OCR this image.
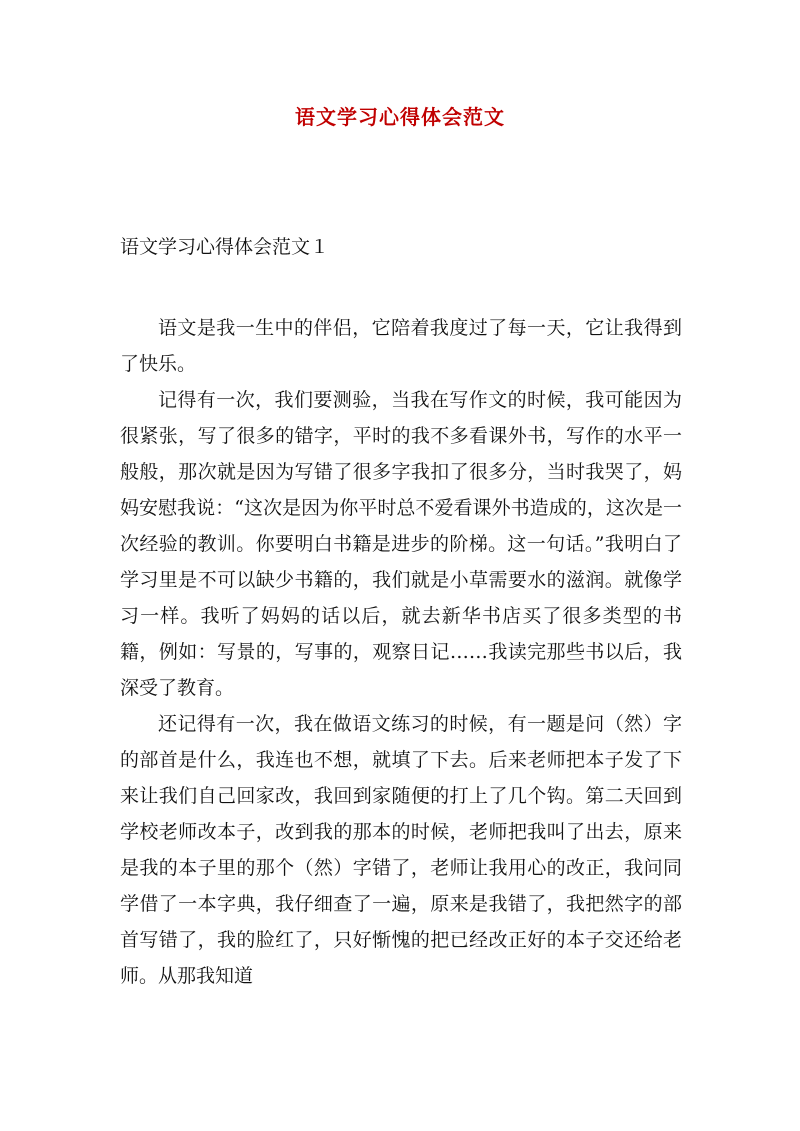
语文学习心得体会范文
语文学习心得体会范文１

语文是我一生中的伴侣，它陪着我度过了每一天，它让我得到了快乐。

记得有一次，我们要测验，当我在写作文的时候，我可能因为很紧张，写了很多的错字，平时的我不多看课外书，写作的水平一般般，那次就是因为写错了很多字我扣了很多分，当时我哭了，妈妈安慰我说：“这次是因为你平时总不爱看课外书造成的，这次是一次经验的教训。你要明白书籍是进步的阶梯。这一句话。”我明白了学习里是不可以缺少书籍的，我们就是小草需要水的滋润。就像学习一样。我听了妈妈的话以后，就去新华书店买了很多类型的书籍，例如：写景的，写事的，观察日记……我读完那些书以后，我深受了教育。

还记得有一次，我在做语文练习的时候，有一题是问（然）字的部首是什么，我连也不想，就填了下去。后来老师把本子发了下来让我们自己回家改，我回到家随便的打上了几个钩。第二天回到学校老师改本子，改到我的那本的时候，老师把我叫了出去，原来是我的本子里的那个（然）字错了，老师让我用心的改正，我问同学借了一本字典，我仔细查了一遍，原来是我错了，我把然字的部首写错了，我的脸红了，只好惭愧的把已经改正好的本子交还给老师。从那我知道
